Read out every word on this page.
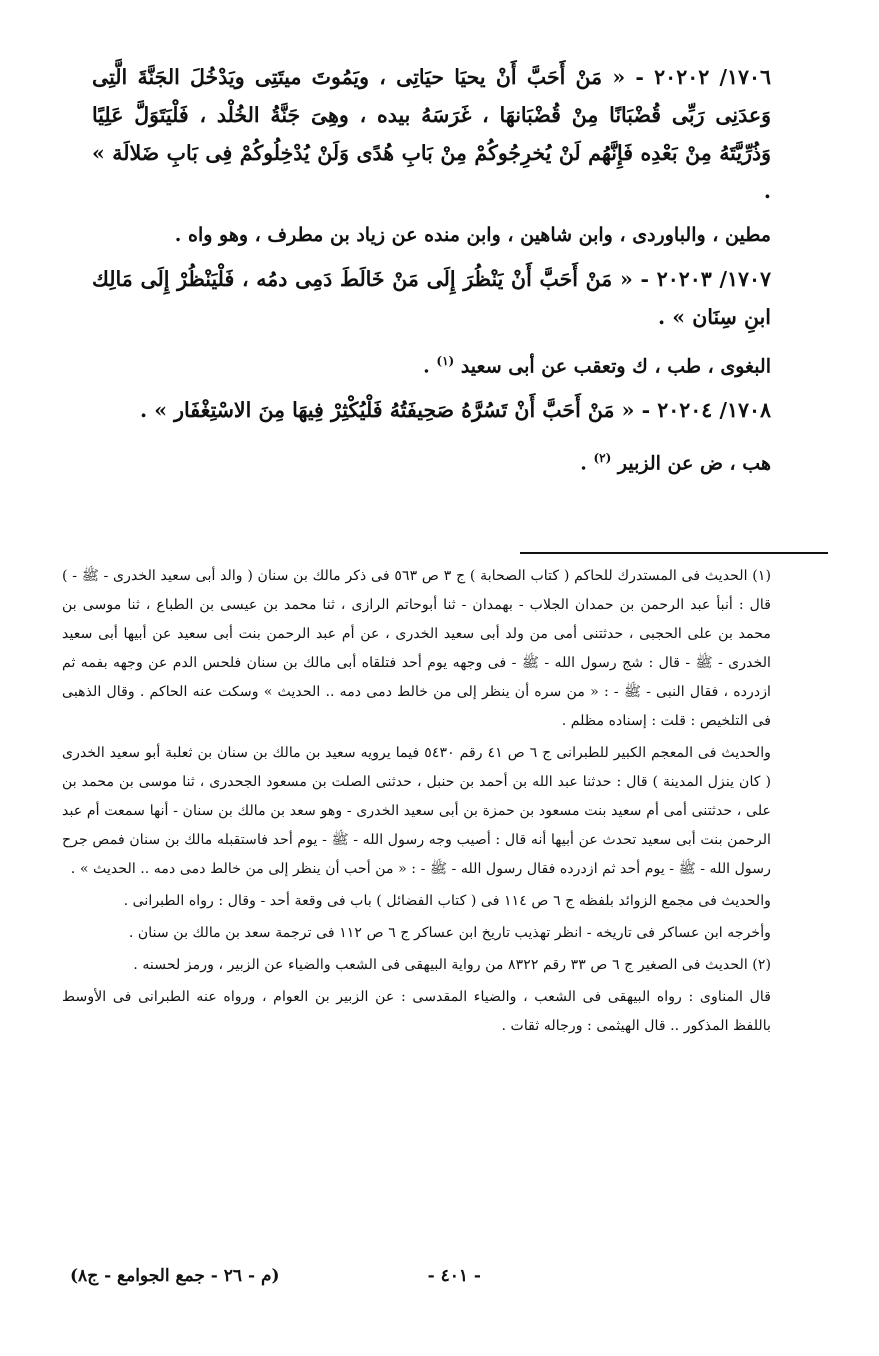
١٧٠٦/ ٢٠٢٠٢ - « مَنْ أَحَبَّ أَنْ يحيَا حيَاتِى ، ويَمُوتَ ميتَتِى ويَدْخُلَ الجَنَّةَ الَّتِى وَعدَنِى رَبِّى قُضْبَانًا مِنْ قُضْبَانهَا ، غَرَسَهُ بيده ، وهِىَ جَنَّةُ الخُلْد ، فَلْيَتَوَلَّ عَلِيًا وَذُرِّيَّتَهُ مِنْ بَعْدِه فَإِنَّهُم لَنْ يُخرِجُوكُمْ مِنْ بَابِ هُدًى وَلَنْ يُدْخِلُوكُمْ فِى بَابِ ضَلالَة » .

مطين ، والباوردى ، وابن شاهين ، وابن منده عن زياد بن مطرف ، وهو واه .

١٧٠٧/ ٢٠٢٠٣ - « مَنْ أَحَبَّ أَنْ يَنْظُرَ إِلَى مَنْ خَالَطَ دَمِى دمُه ، فَلْيَنْظُرْ إِلَى مَالِك ابنِ سِنَان » .

البغوى ، طب ، ك وتعقب عن أبى سعيد $^{(١)}$ .

١٧٠٨/ ٢٠٢٠٤ - « مَنْ أَحَبَّ أَنْ تَسُرَّهُ صَحِيفَتُهُ فَلْيُكْثِرْ فِيهَا مِنَ الاسْتِغْفَار » .

هب ، ض عن الزبير $^{(٢)}$ .

(١) الحديث فى المستدرك للحاكم ( كتاب الصحابة ) ج ٣ ص ٥٦٣ فى ذكر مالك بن سنان ( والد أبى سعيد الخدرى - ﷺ - ) قال : أنبأ عبد الرحمن بن حمدان الجلاب - بهمدان - ثنا أبوحاتم الرازى ، ثنا محمد بن عيسى بن الطباع ، ثنا موسى بن محمد بن على الحجبى ، حدثتنى أمى من ولد أبى سعيد الخدرى ، عن أم عبد الرحمن بنت أبى سعيد عن أبيها أبى سعيد الخدرى - ﷺ - قال : شج رسول الله - ﷺ - فى وجهه يوم أحد فتلقاه أبى مالك بن سنان فلحس الدم عن وجهه بفمه ثم ازدرده ، فقال النبى - ﷺ - : « من سره أن ينظر إلى من خالط دمى دمه .. الحديث » وسكت عنه الحاكم . وقال الذهبى فى التلخيص : قلت : إسناده مظلم .

والحديث فى المعجم الكبير للطبرانى ج ٦ ص ٤١ رقم ٥٤٣٠ فيما يرويه سعيد بن مالك بن سنان بن ثعلبة أبو سعيد الخدرى ( كان ينزل المدينة ) قال : حدثنا عبد الله بن أحمد بن حنبل ، حدثنى الصلت بن مسعود الجحدرى ، ثنا موسى بن محمد بن على ، حدثتنى أمى أم سعيد بنت مسعود بن حمزة بن أبى سعيد الخدرى - وهو سعد بن مالك بن سنان - أنها سمعت أم عبد الرحمن بنت أبى سعيد تحدث عن أبيها أنه قال : أصيب وجه رسول الله - ﷺ - يوم أحد فاستقبله مالك بن سنان فمص جرح رسول الله - ﷺ - يوم أحد ثم ازدرده فقال رسول الله - ﷺ - : « من أحب أن ينظر إلى من خالط دمى دمه .. الحديث » .

والحديث فى مجمع الزوائد بلفظه ج ٦ ص ١١٤ فى ( كتاب الفضائل ) باب فى وقعة أحد - وقال : رواه الطبرانى .

وأخرجه ابن عساكر فى تاريخه - انظر تهذيب تاريخ ابن عساكر ج ٦ ص ١١٢ فى ترجمة سعد بن مالك بن سنان .

(٢) الحديث فى الصغير ج ٦ ص ٣٣ رقم ٨٣٢٢ من رواية البيهقى فى الشعب والضياء عن الزبير ، ورمز لحسنه .

قال المناوى : رواه البيهقى فى الشعب ، والضياء المقدسى : عن الزبير بن العوام ، ورواه عنه الطبرانى فى الأوسط باللفظ المذكور .. قال الهيثمى : ورجاله ثقات .

- ٤٠١ -
(م - ٢٦ - جمع الجوامع - ج٨)
